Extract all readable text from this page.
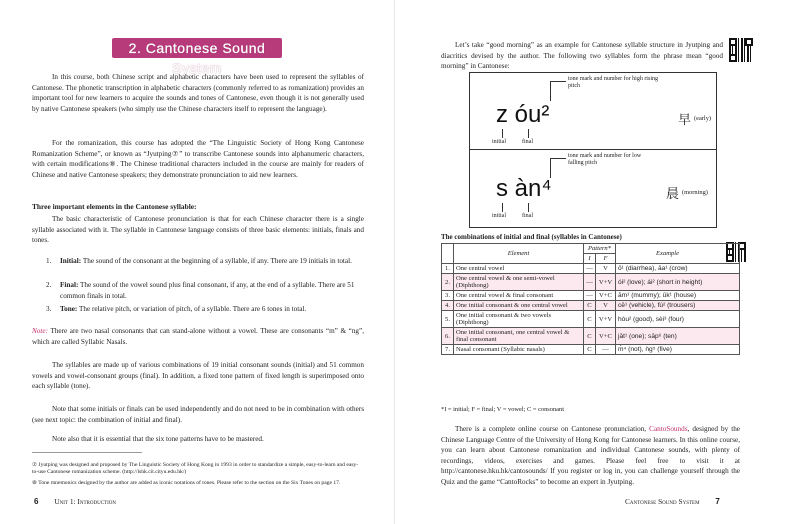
2. Cantonese Sound System

In this course, both Chinese script and alphabetic characters have been used to represent the syllables of Cantonese. The phonetic transcription in alphabetic characters (commonly referred to as romanization) provides an important tool for new learners to acquire the sounds and tones of Cantonese, even though it is not generally used by native Cantonese speakers (who simply use the Chinese characters itself to represent the language).

For the romanization, this course has adopted the “The Linguistic Society of Hong Kong Cantonese Romanization Scheme”, or known as “Jyutping⑦” to transcribe Cantonese sounds into alphanumeric characters, with certain modifications⑧. The Chinese traditional characters included in the course are mainly for readers of Chinese and native Cantonese speakers; they demonstrate pronunciation to aid new learners.

Three important elements in the Cantonese syllable:

The basic characteristic of Cantonese pronunciation is that for each Chinese character there is a single syllable associated with it. The syllable in Cantonese language consists of three basic elements: initials, finals and tones.

1.	Initial: The sound of the consonant at the beginning of a syllable, if any. There are 19 initials in total.
2.	Final: The sound of the vowel sound plus final consonant, if any, at the end of a syllable. There are 51 common finals in total.
3.	Tone: The relative pitch, or variation of pitch, of a syllable. There are 6 tones in total.

Note: There are two nasal consonants that can stand-alone without a vowel. These are consonants “m” & “ng”, which are called Syllabic Nasals.

The syllables are made up of various combinations of 19 initial consonant sounds (initial) and 51 common vowels and vowel-consonant groups (final). In addition, a fixed tone pattern of fixed length is superimposed onto each syllable (tone).

Note that some initials or finals can be used independently and do not need to be in combination with others (see next topic: the combination of initial and final).

Note also that it is essential that the six tone patterns have to be mastered.

⑦ Jyutping was designed and proposed by The Linguistic Society of Hong Kong in 1993 in order to standardize a simple, easy-to-learn and easy-to-use Cantonese romanization scheme. (http://lshk.cit.cityu.edu.hk/)

⑧ Tone mnemonics designed by the author are added as iconic notations of tones. Please refer to the section on the Six Tones on page 17.

6 Unit 1: Introduction

Let’s take “good morning” as an example for Cantonese syllable structure in Jyutping and diacritics devised by the author. The following two syllables form the phrase mean “good morning” in Cantonese:

tone mark and number for high rising pitch
z óu²
initial	final
早 (early)
tone mark and number for low falling pitch
s àn⁴
initial	final
晨 (morning)
The combinations of initial and final (syllables in Cantonese)
	Element	Pattern*		Example
		I	F	
1.	One central vowel	—	V	ō¹ (diarrhea), āa¹ (crow)
2.	One central vowel & one semi-vowel (Diphthong)	—	V+V	ói² (love); ái² (short in height)
3.	One central vowel & final consonant	—	V+C	ām¹ (mummy); ūk¹ (house)
4.	One initial consonant & one central vowel	C	V	cē¹ (vehicle), fú² (trousers)
5.	One initial consonant & two vowels (Diphthong)	C	V+V	hóu² (good), sèi³ (four)
6.	One initial consonant, one central vowel & final consonant	C	V+C	jāt¹ (one); sāp⁶ (ten)
7.	Nasal consonant (Syllabic nasals)	C	—	m̀⁴ (not), ǹg⁵ (five)
*I = initial; F = final; V = vowel; C = consonant

There is a complete online course on Cantonese pronunciation, CantoSounds, designed by the Chinese Language Centre of the University of Hong Kong for Cantonese learners. In this online course, you can learn about Cantonese romanization and individual Cantonese sounds, with plenty of recordings, videos, exercises and games. Please feel free to visit it at http://cantonese.hku.hk/cantosounds/ If you register or log in, you can challenge yourself through the Quiz and the game “CantoRocks” to become an expert in Jyutping.

Cantonese Sound System 7
